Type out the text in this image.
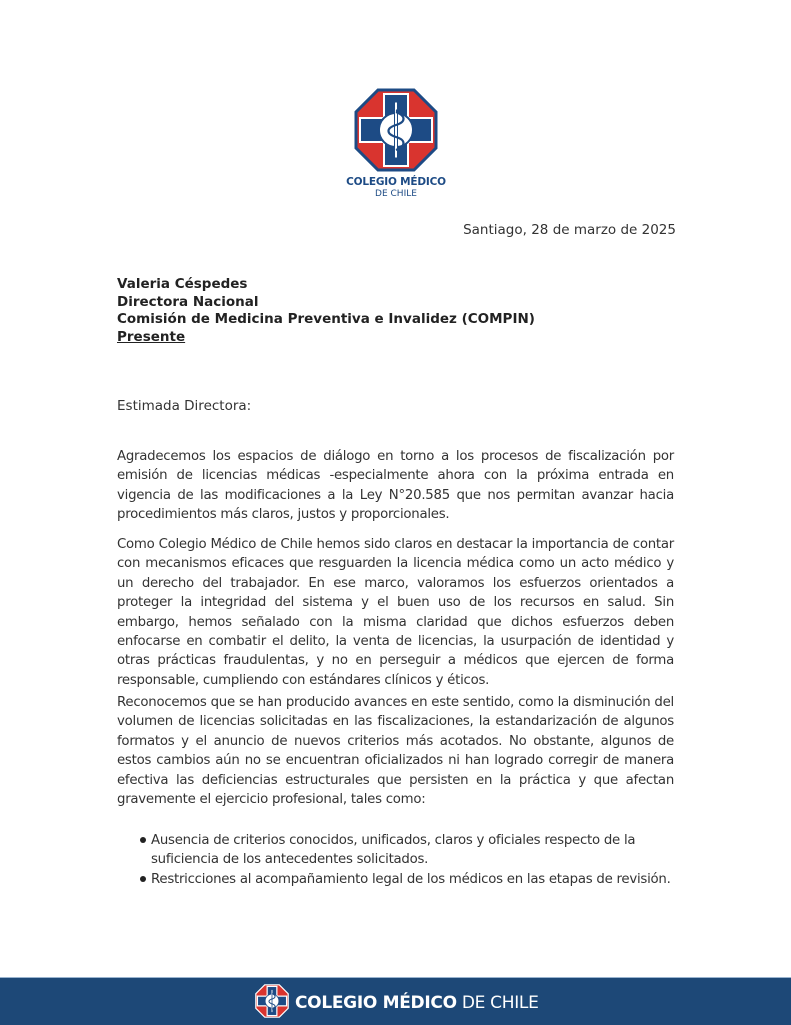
COLEGIO MÉDICO
DE CHILE
Santiago, 28 de marzo de 2025
Valeria Céspedes
Directora Nacional
Comisión de Medicina Preventiva e Invalidez (COMPIN)
Presente
Estimada Directora:
Agradecemos los espacios de diálogo en torno a los procesos de fiscalización por emisión de licencias médicas -especialmente ahora con la próxima entrada en vigencia de las modificaciones a la Ley N°20.585 que nos permitan avanzar hacia procedimientos más claros, justos y proporcionales.
Como Colegio Médico de Chile hemos sido claros en destacar la importancia de contar con mecanismos eficaces que resguarden la licencia médica como un acto médico y un derecho del trabajador. En ese marco, valoramos los esfuerzos orientados a proteger la integridad del sistema y el buen uso de los recursos en salud. Sin embargo, hemos señalado con la misma claridad que dichos esfuerzos deben enfocarse en combatir el delito, la venta de licencias, la usurpación de identidad y otras prácticas fraudulentas, y no en perseguir a médicos que ejercen de forma responsable, cumpliendo con estándares clínicos y éticos.
Reconocemos que se han producido avances en este sentido, como la disminución del volumen de licencias solicitadas en las fiscalizaciones, la estandarización de algunos formatos y el anuncio de nuevos criterios más acotados. No obstante, algunos de estos cambios aún no se encuentran oficializados ni han logrado corregir de manera efectiva las deficiencias estructurales que persisten en la práctica y que afectan gravemente el ejercicio profesional, tales como:
Ausencia de criterios conocidos, unificados, claros y oficiales respecto de la suficiencia de los antecedentes solicitados.
Restricciones al acompañamiento legal de los médicos en las etapas de revisión.
COLEGIO MÉDICO DE CHILE
